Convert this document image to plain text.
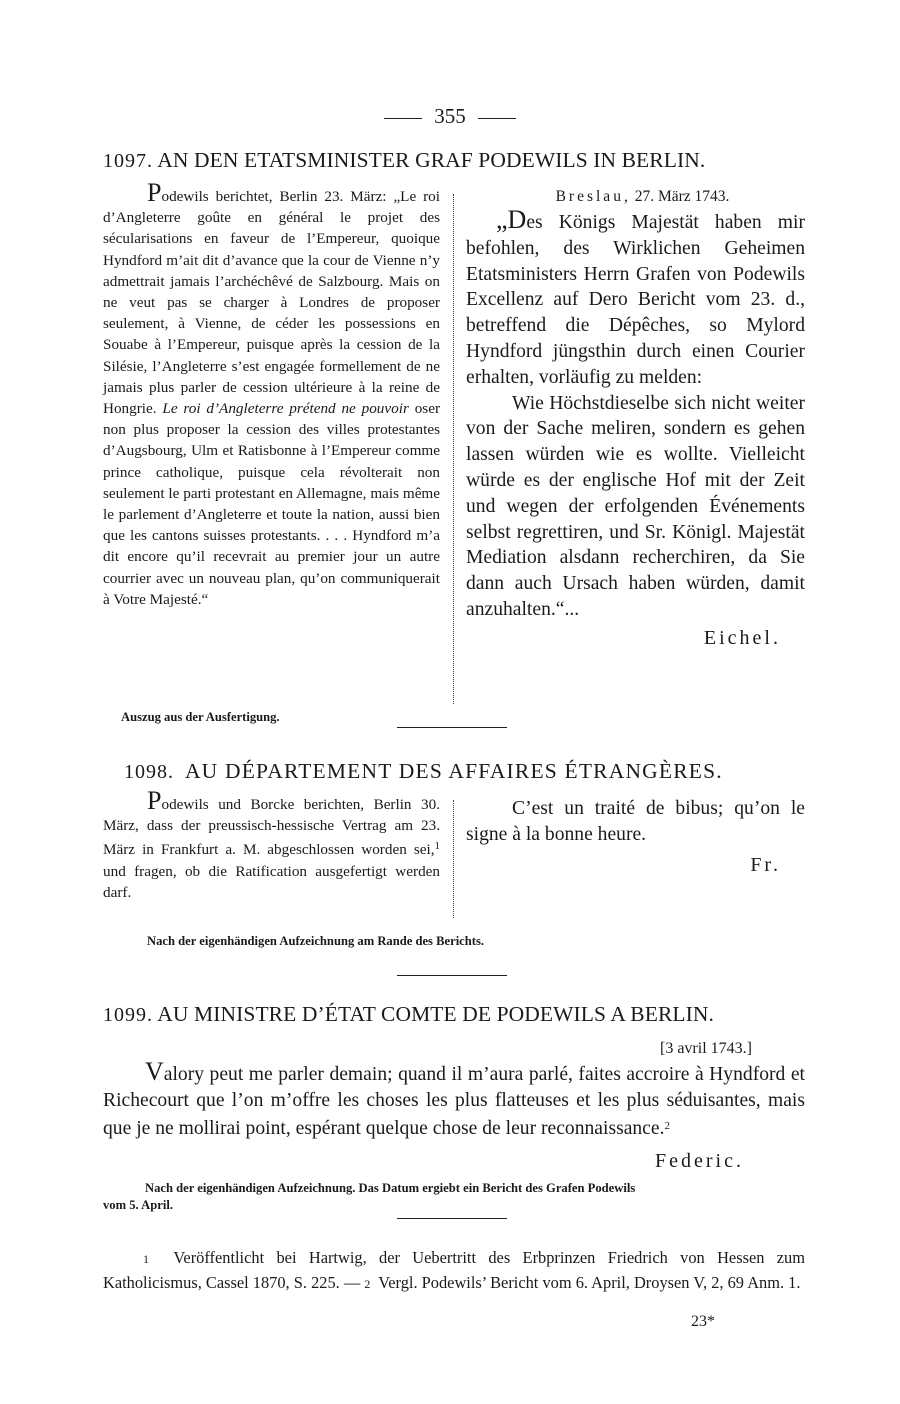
355
1097. AN DEN ETATSMINISTER GRAF PODEWILS IN BERLIN.

Podewils berichtet, Berlin 23. März: „Le roi d’Angleterre goûte en général le projet des sécularisations en faveur de l’Empereur, quoique Hyndford m’ait dit d’avance que la cour de Vienne n’y admettrait jamais l’archéchêvé de Salzbourg. Mais on ne veut pas se charger à Londres de proposer seulement, à Vienne, de céder les possessions en Souabe à l’Empereur, puisque après la cession de la Silésie, l’Angleterre s’est engagée formellement de ne jamais plus parler de cession ultérieure à la reine de Hongrie. Le roi d’Angleterre prétend ne pouvoir oser non plus proposer la cession des villes protestantes d’Augsbourg, Ulm et Ratisbonne à l’Empereur comme prince catholique, puisque cela révolterait non seulement le parti protestant en Allemagne, mais même le parlement d’Angleterre et toute la nation, aussi bien que les cantons suisses protestants. . . . Hyndford m’a dit encore qu’il recevrait au premier jour un autre courrier avec un nouveau plan, qu’on communiquerait à Votre Majesté.“

Breslau, 27. März 1743.

„Des Königs Majestät haben mir befohlen, des Wirklichen Geheimen Etatsministers Herrn Grafen von Podewils Excellenz auf Dero Bericht vom 23. d., betreffend die Dépêches, so Mylord Hyndford jüngsthin durch einen Courier erhalten, vorläufig zu melden:

Wie Höchstdieselbe sich nicht weiter von der Sache meliren, sondern es gehen lassen würden wie es wollte. Vielleicht würde es der englische Hof mit der Zeit und wegen der erfolgenden Événements selbst regrettiren, und Sr. Königl. Majestät Mediation alsdann recherchiren, da Sie dann auch Ursach haben würden, damit anzuhalten.“...

Eichel.
Auszug aus der Ausfertigung.
1098. AU DÉPARTEMENT DES AFFAIRES ÉTRANGÈRES.

Podewils und Borcke berichten, Berlin 30. März, dass der preussisch-hessische Vertrag am 23. März in Frankfurt a. M. abgeschlossen worden sei,$^1$ und fragen, ob die Ratification ausgefertigt werden darf.

C’est un traité de bibus; qu’on le signe à la bonne heure.

Fr.
Nach der eigenhändigen Aufzeichnung am Rande des Berichts.
1099. AU MINISTRE D’ÉTAT COMTE DE PODEWILS A BERLIN.
[3 avril 1743.]

Valory peut me parler demain; quand il m’aura parlé, faites accroire à Hyndford et Richecourt que l’on m’offre les choses les plus flatteuses et les plus séduisantes, mais que je ne mollirai point, espérant quelque chose de leur reconnaissance.$^2$

Federic.
Nach der eigenhändigen Aufzeichnung. Das Datum ergiebt ein Bericht des Grafen Podewils
vom 5. April.

1 Veröffentlicht bei Hartwig, der Uebertritt des Erbprinzen Friedrich von Hessen zum Katholicismus, Cassel 1870, S. 225. — 2 Vergl. Podewils’ Bericht vom 6. April, Droysen V, 2, 69 Anm. 1.

23*
